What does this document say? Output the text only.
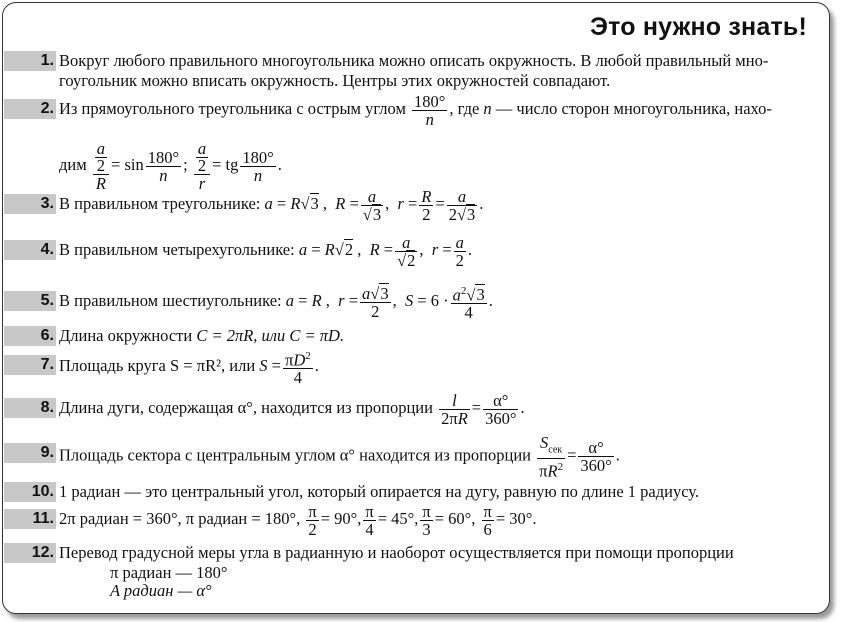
Это нужно знать!
1. Вокруг любого правильного многоугольника можно описать окружность. В любой правильный мно-
гоугольник можно вписать окружность. Центры этих окружностей совпадают.
2. Из прямоугольного треугольника с острым углом $\frac{180^\circ}{n}$ , где n — число сторон многоугольника, нахо-
дим $\frac{\frac{a}{2}}{R} = \sin \frac{180^\circ}{n}$ ; $\frac{\frac{a}{2}}{r}$ = tg $\frac{180^\circ}{n}$ .
3. В правильном треугольнике: a = R√3 ,  $R = \frac{a}{√3}$ ,  $r = \frac{R}{2} = \frac{a}{2√3}$ .
4. В правильном четырехугольнике: a = R√2 ,  $R = \frac{a}{√2}$ ,  $r = \frac{a}{2}$ .
5. В правильном шестиугольнике: a = R ,  $r = \frac{a√3}{2}$ ,  $S = 6 \cdot \frac{a^2√3}{4}$ .
6. Длина окружности C = 2πR, или C = πD.
7. Площадь круга S = πR², или $S = \frac{\pi D^2}{4}$ .
8. Длина дуги, содержащая α°, находится из пропорции $\frac{l}{2\pi R} = \frac{\alpha^\circ}{360^\circ}$ .
9. Площадь сектора с центральным углом α° находится из пропорции
$S_{сек}$
$\pi R^2$
= $\frac{\alpha^\circ}{360^\circ}$ .
10. 1 радиан — это центральный угол, который опирается на дугу, равную по длине 1 радиусу.
11. 2π радиан = 360°, π радиан = 180°, $\frac{\pi}{2} = 90^\circ$, $\frac{\pi}{4} = 45^\circ$, $\frac{\pi}{3} = 60^\circ$, $\frac{\pi}{6} = 30^\circ$.
12. Перевод градусной меры угла в радианную и наоборот осуществляется при помощи пропорции
π радиан — 180°
A радиан — α°
